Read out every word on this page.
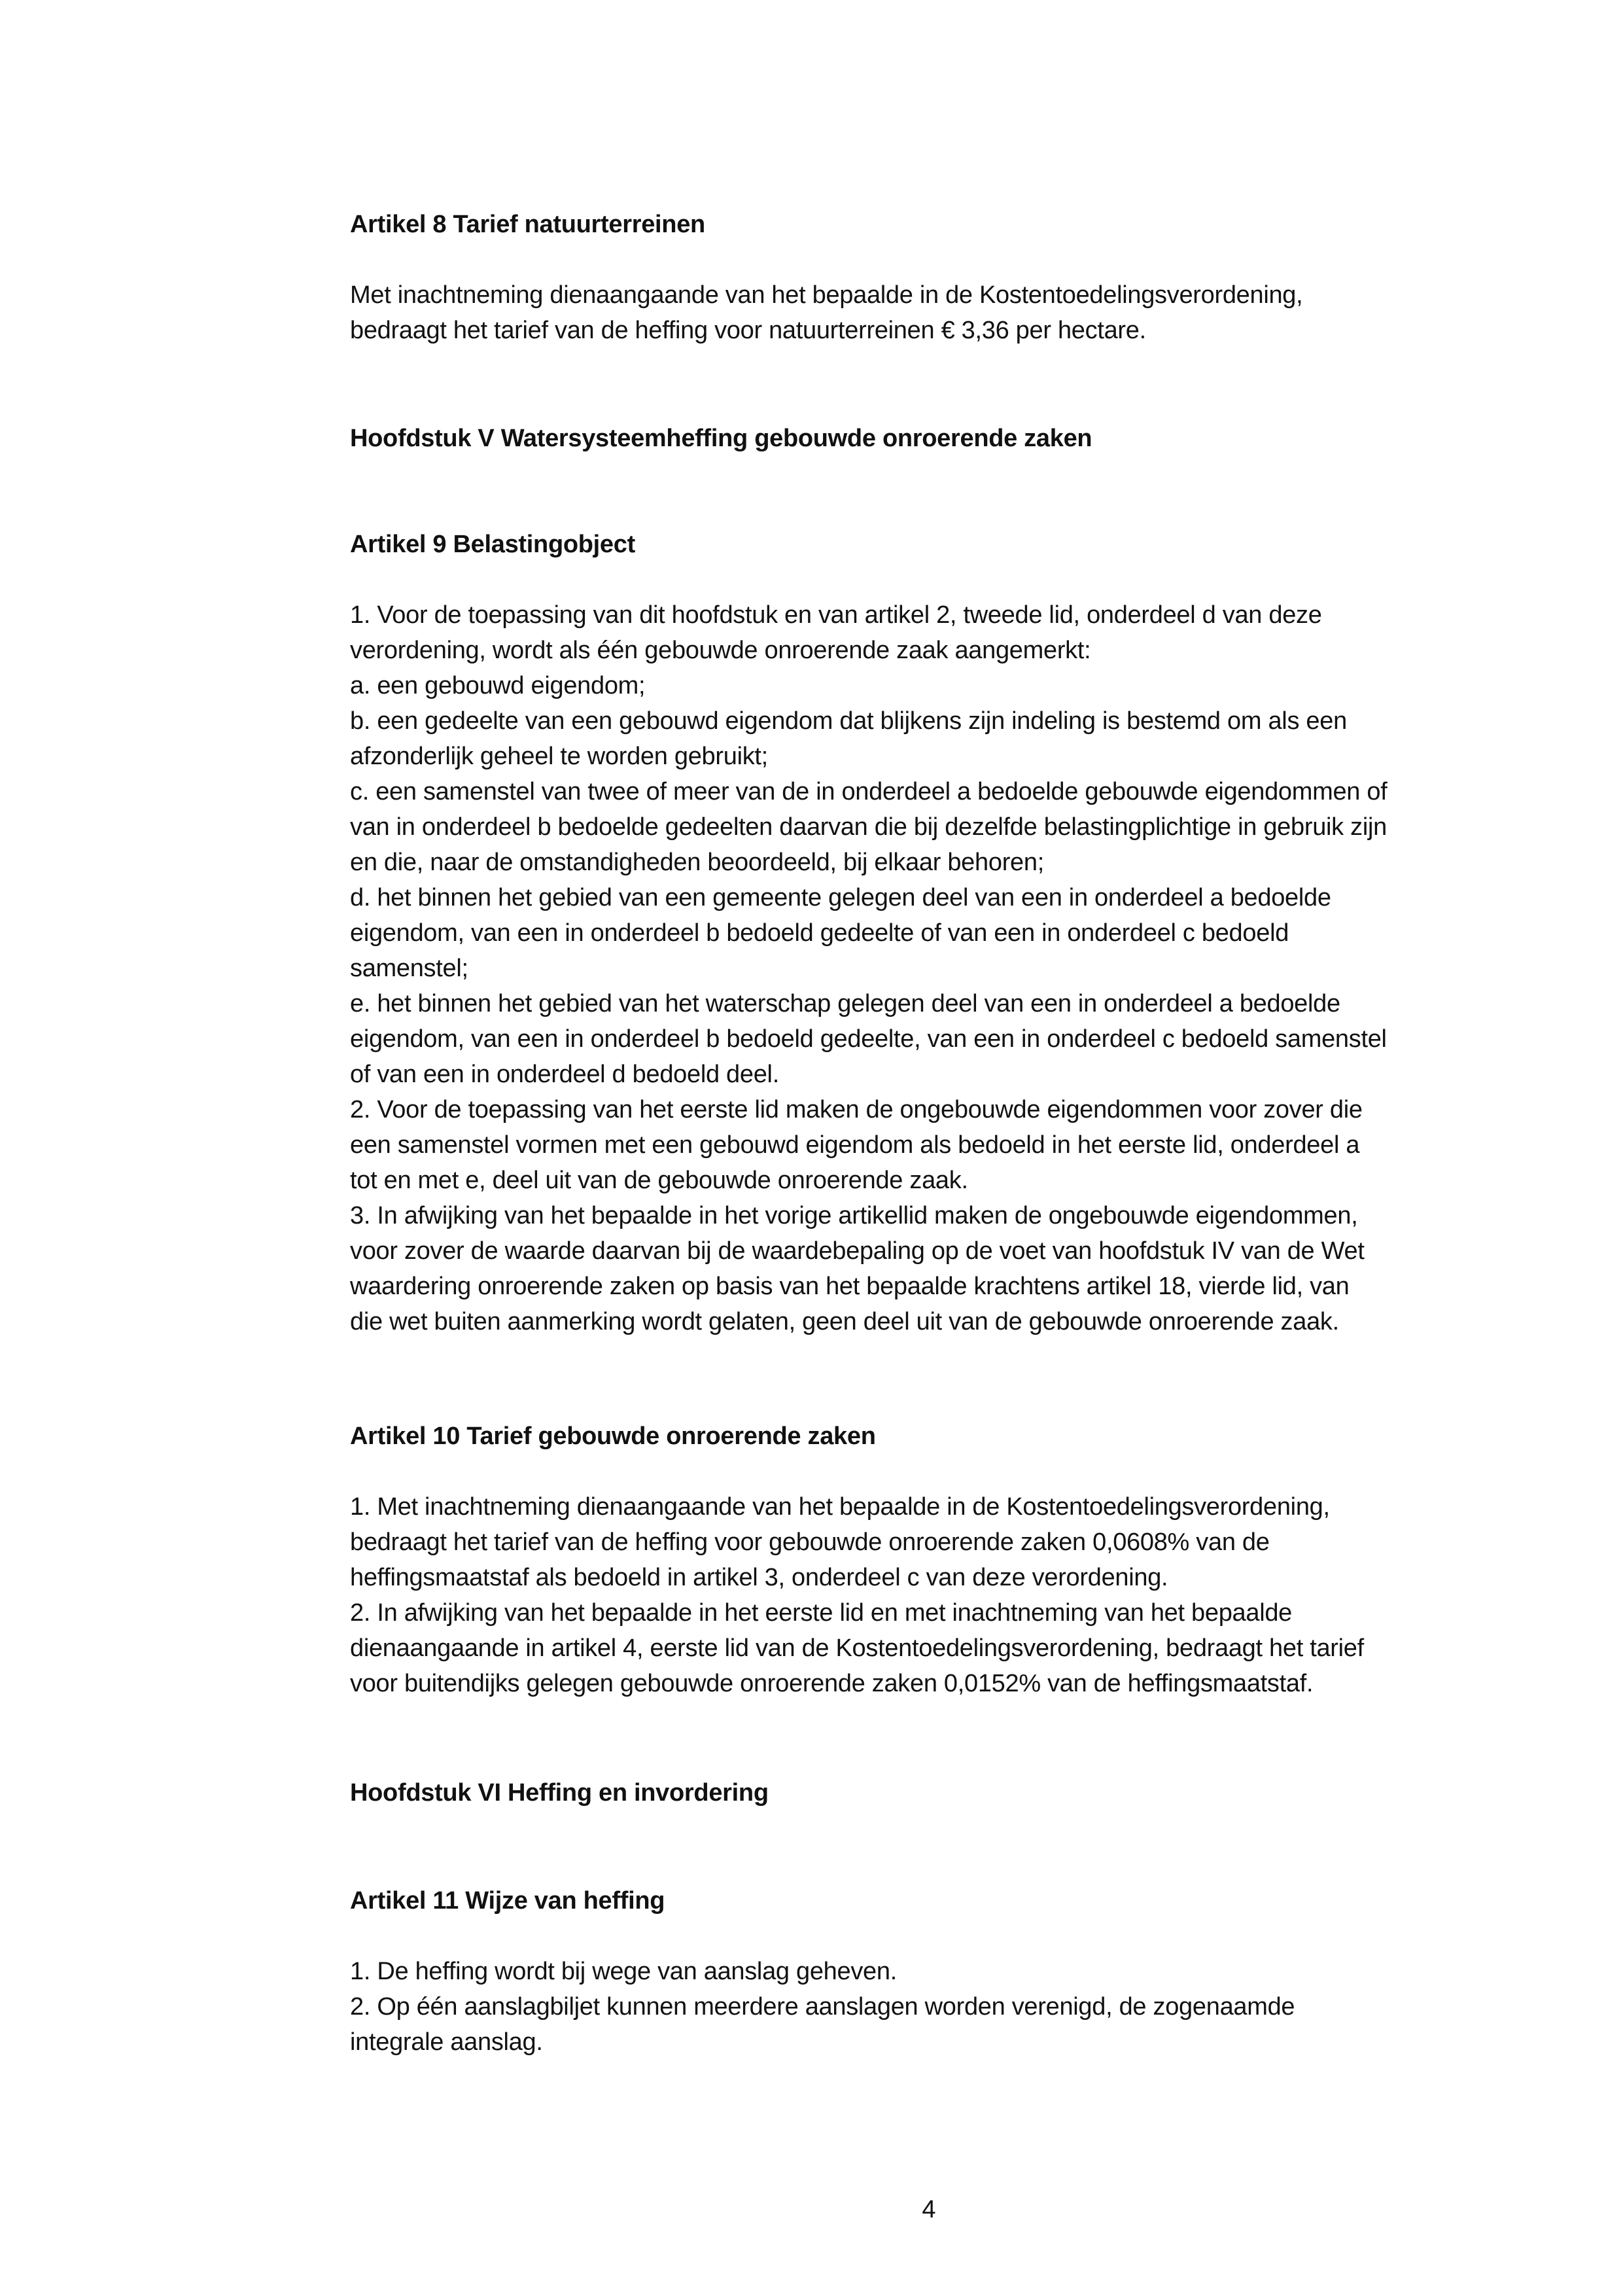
Artikel 8 Tarief natuurterreinen
Met inachtneming dienaangaande van het bepaalde in de Kostentoedelingsverordening,
bedraagt het tarief van de heffing voor natuurterreinen € 3,36 per hectare.
Hoofdstuk V Watersysteemheffing gebouwde onroerende zaken
Artikel 9 Belastingobject
1. Voor de toepassing van dit hoofdstuk en van artikel 2, tweede lid, onderdeel d van deze
verordening, wordt als één gebouwde onroerende zaak aangemerkt:
a. een gebouwd eigendom;
b. een gedeelte van een gebouwd eigendom dat blijkens zijn indeling is bestemd om als een
afzonderlijk geheel te worden gebruikt;
c. een samenstel van twee of meer van de in onderdeel a bedoelde gebouwde eigendommen of
van in onderdeel b bedoelde gedeelten daarvan die bij dezelfde belastingplichtige in gebruik zijn
en die, naar de omstandigheden beoordeeld, bij elkaar behoren;
d. het binnen het gebied van een gemeente gelegen deel van een in onderdeel a bedoelde
eigendom, van een in onderdeel b bedoeld gedeelte of van een in onderdeel c bedoeld
samenstel;
e. het binnen het gebied van het waterschap gelegen deel van een in onderdeel a bedoelde
eigendom, van een in onderdeel b bedoeld gedeelte, van een in onderdeel c bedoeld samenstel
of van een in onderdeel d bedoeld deel.
2. Voor de toepassing van het eerste lid maken de ongebouwde eigendommen voor zover die
een samenstel vormen met een gebouwd eigendom als bedoeld in het eerste lid, onderdeel a
tot en met e, deel uit van de gebouwde onroerende zaak.
3. In afwijking van het bepaalde in het vorige artikellid maken de ongebouwde eigendommen,
voor zover de waarde daarvan bij de waardebepaling op de voet van hoofdstuk IV van de Wet
waardering onroerende zaken op basis van het bepaalde krachtens artikel 18, vierde lid, van
die wet buiten aanmerking wordt gelaten, geen deel uit van de gebouwde onroerende zaak.
Artikel 10 Tarief gebouwde onroerende zaken
1. Met inachtneming dienaangaande van het bepaalde in de Kostentoedelingsverordening,
bedraagt het tarief van de heffing voor gebouwde onroerende zaken 0,0608% van de
heffingsmaatstaf als bedoeld in artikel 3, onderdeel c van deze verordening.
2. In afwijking van het bepaalde in het eerste lid en met inachtneming van het bepaalde
dienaangaande in artikel 4, eerste lid van de Kostentoedelingsverordening, bedraagt het tarief
voor buitendijks gelegen gebouwde onroerende zaken 0,0152% van de heffingsmaatstaf.
Hoofdstuk VI Heffing en invordering
Artikel 11 Wijze van heffing
1. De heffing wordt bij wege van aanslag geheven.
2. Op één aanslagbiljet kunnen meerdere aanslagen worden verenigd, de zogenaamde
integrale aanslag.
4
